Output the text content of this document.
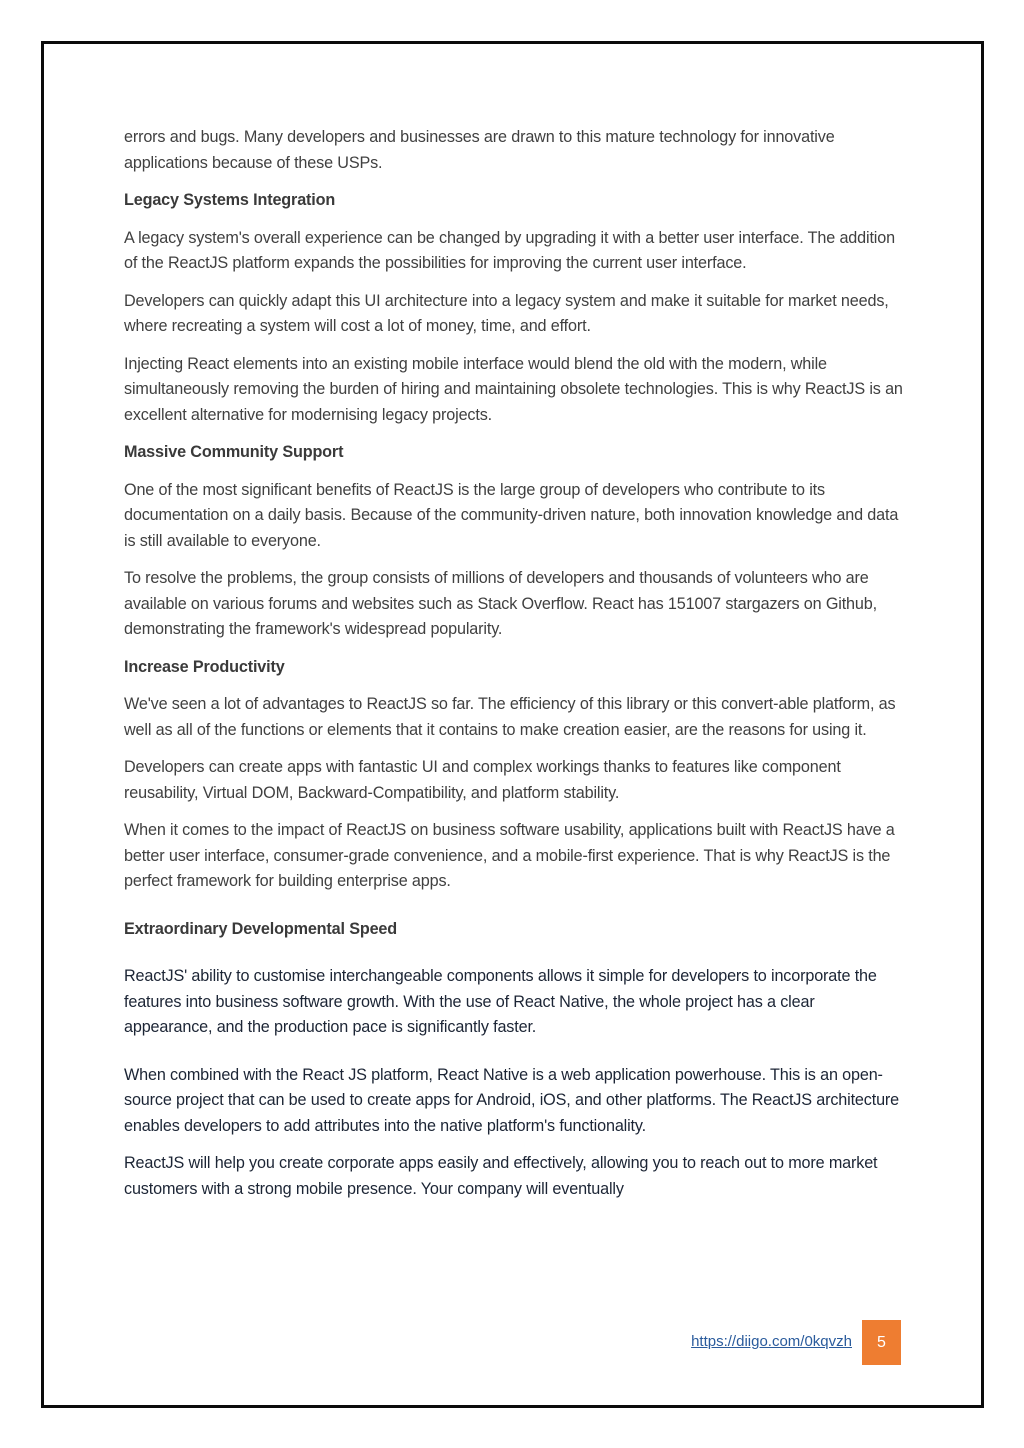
errors and bugs. Many developers and businesses are drawn to this mature technology for innovative applications because of these USPs.

Legacy Systems Integration

A legacy system's overall experience can be changed by upgrading it with a better user interface. The addition of the ReactJS platform expands the possibilities for improving the current user interface.

Developers can quickly adapt this UI architecture into a legacy system and make it suitable for market needs, where recreating a system will cost a lot of money, time, and effort.

Injecting React elements into an existing mobile interface would blend the old with the modern, while simultaneously removing the burden of hiring and maintaining obsolete technologies. This is why ReactJS is an excellent alternative for modernising legacy projects.

Massive Community Support

One of the most significant benefits of ReactJS is the large group of developers who contribute to its documentation on a daily basis. Because of the community-driven nature, both innovation knowledge and data is still available to everyone.

To resolve the problems, the group consists of millions of developers and thousands of volunteers who are available on various forums and websites such as Stack Overflow. React has 151007 stargazers on Github, demonstrating the framework's widespread popularity.

Increase Productivity

We've seen a lot of advantages to ReactJS so far. The efficiency of this library or this convert-able platform, as well as all of the functions or elements that it contains to make creation easier, are the reasons for using it.

Developers can create apps with fantastic UI and complex workings thanks to features like component reusability, Virtual DOM, Backward-Compatibility, and platform stability.

When it comes to the impact of ReactJS on business software usability, applications built with ReactJS have a better user interface, consumer-grade convenience, and a mobile-first experience. That is why ReactJS is the perfect framework for building enterprise apps.

Extraordinary Developmental Speed

ReactJS' ability to customise interchangeable components allows it simple for developers to incorporate the features into business software growth. With the use of React Native, the whole project has a clear appearance, and the production pace is significantly faster.

When combined with the React JS platform, React Native is a web application powerhouse. This is an open-source project that can be used to create apps for Android, iOS, and other platforms. The ReactJS architecture enables developers to add attributes into the native platform's functionality.

ReactJS will help you create corporate apps easily and effectively, allowing you to reach out to more market customers with a strong mobile presence. Your company will eventually

https://diigo.com/0kqvzh	5
